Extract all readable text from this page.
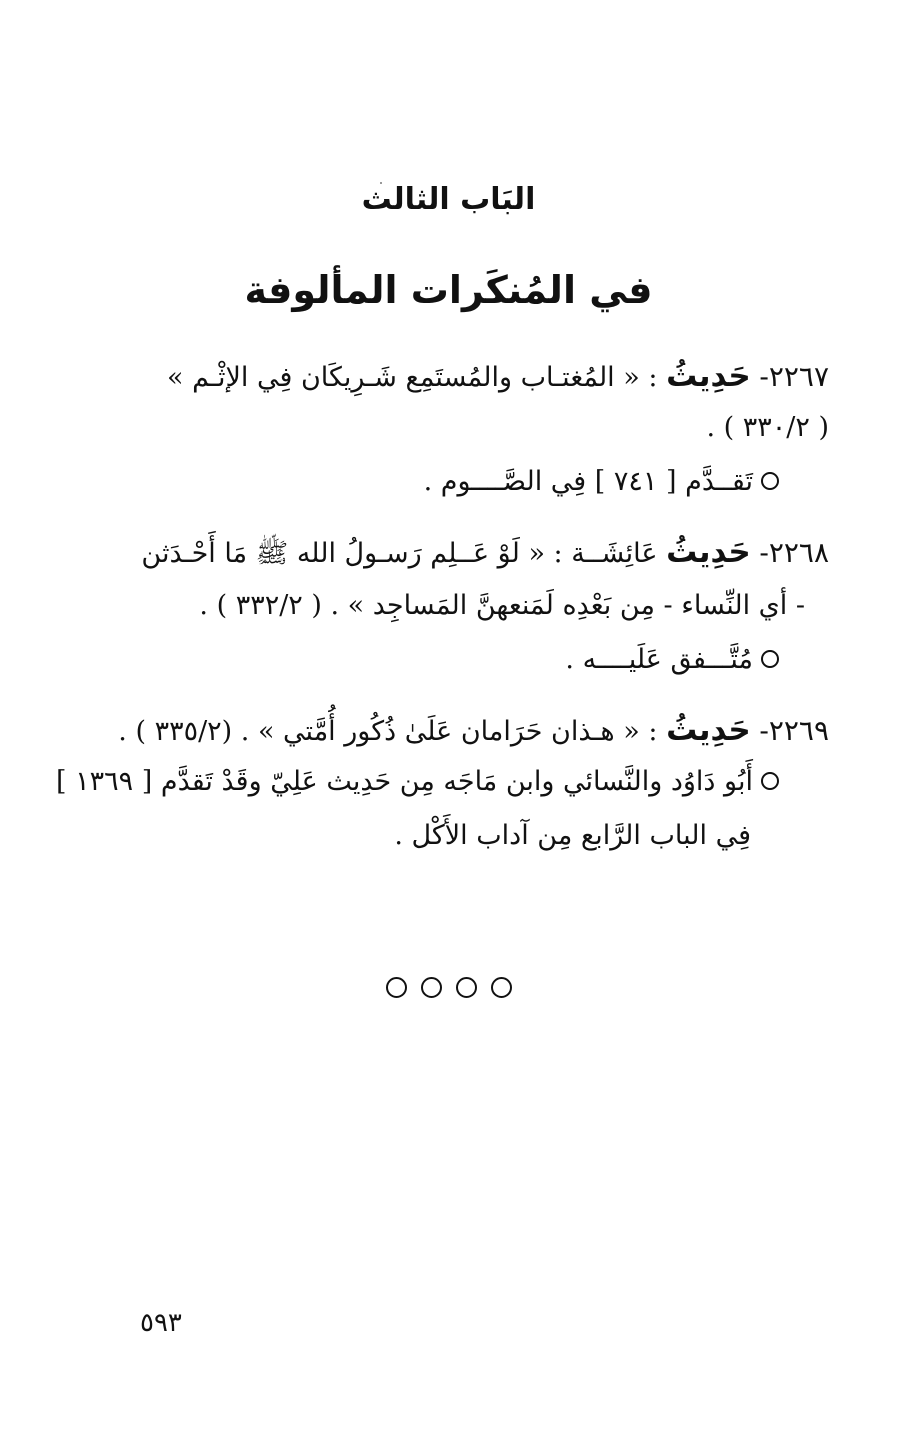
البَاب الثالث
في المُنكَرات المألوفة
٢٢٦٧- حَدِيثُ : « المُغتـاب والمُستَمِع شَـرِيكَان فِي الإثْـم »
( ٣٣٠/٢ ) .
تَقــدَّم [ ٧٤١ ] فِي الصَّــــوم .
٢٢٦٨- حَدِيثُ عَائِشَــة : « لَوْ عَــلِم رَسـولُ الله ﷺ مَا أَحْـدَثن
- أي النِّساء - مِن بَعْدِه لَمَنعهنَّ المَساجِد » . ( ٣٣٢/٢ ) .
مُتَّـــفق عَلَيــــه .
٢٢٦٩- حَدِيثُ : « هـذان حَرَامان عَلَىٰ ذُكُور أُمَّتي » . (٣٣٥/٢ ) .
أَبُو دَاوُد والنَّسائي وابن مَاجَه مِن حَدِيث عَلِيّ وقَدْ تَقدَّم [ ١٣٦٩ ]
فِي الباب الرَّابع مِن آداب الأَكْل .
٥٩٣
